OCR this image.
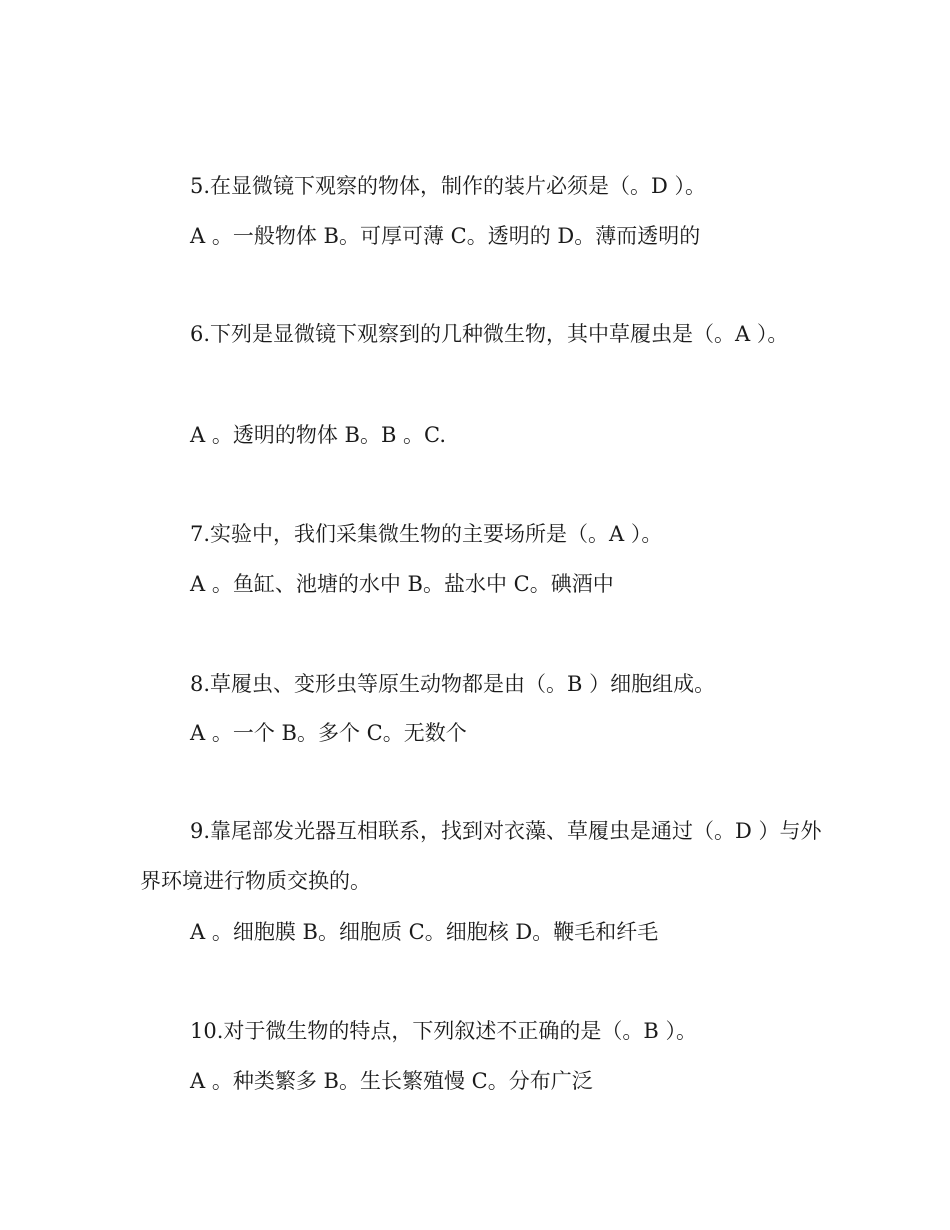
5.在显微镜下观察的物体，制作的装片必须是（。D ）。
A 。一般物体 B。可厚可薄 C。透明的 D。薄而透明的
6.下列是显微镜下观察到的几种微生物，其中草履虫是（。A ）。
A 。透明的物体 B。B 。C.
7.实验中，我们采集微生物的主要场所是（。A ）。
A 。鱼缸、池塘的水中 B。盐水中 C。碘酒中
8.草履虫、变形虫等原生动物都是由（。B ）细胞组成。
A 。一个 B。多个 C。无数个
9.靠尾部发光器互相联系，找到对衣藻、草履虫是通过（。D ）与外界环境进行物质交换的。
A 。细胞膜 B。细胞质 C。细胞核 D。鞭毛和纤毛
10.对于微生物的特点，下列叙述不正确的是（。B ）。
A 。种类繁多 B。生长繁殖慢 C。分布广泛
